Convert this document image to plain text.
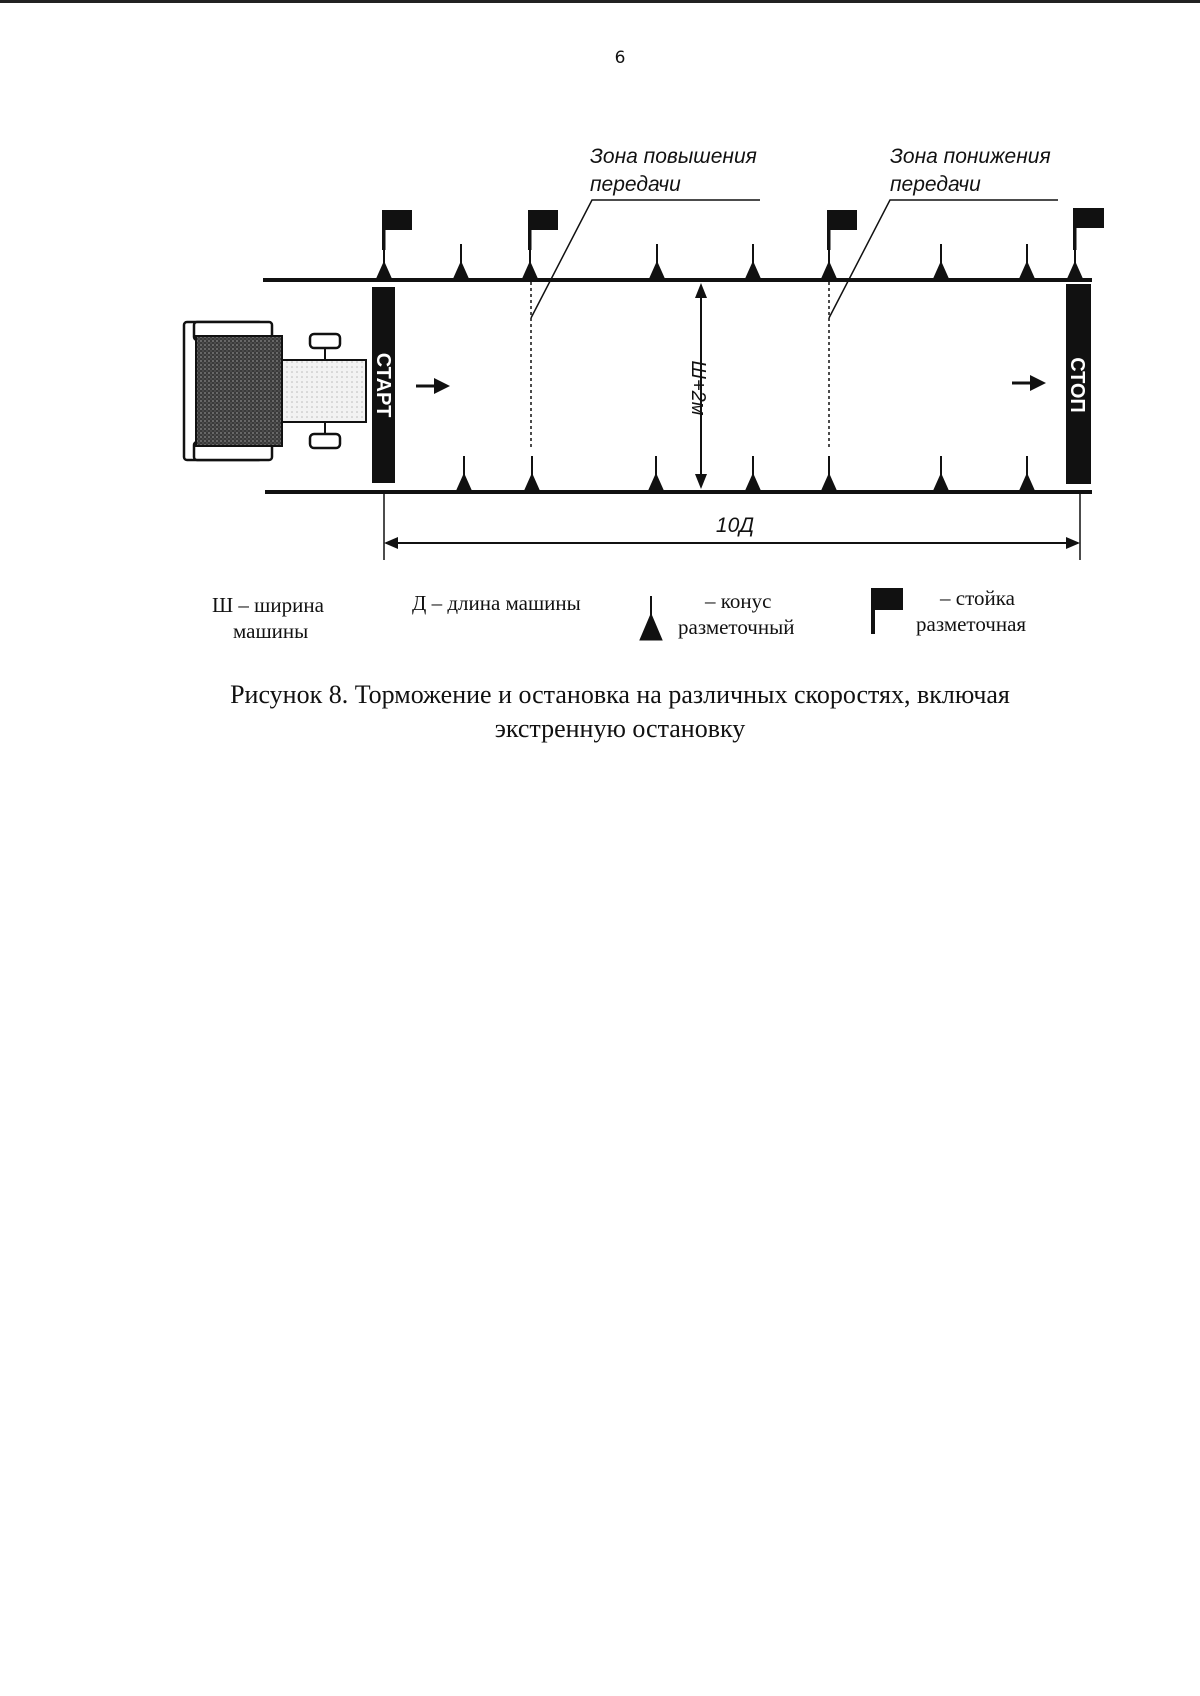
6
Зона повышения
передачи
Зона понижения
передачи
СТАРТ	СТОП
Ш+2м
10Д
Ш – ширина
машины
Д – длина машины	– конус
разметочный
– стойка
разметочная
Рисунок 8. Торможение и остановка на различных скоростях, включая
экстренную остановку
